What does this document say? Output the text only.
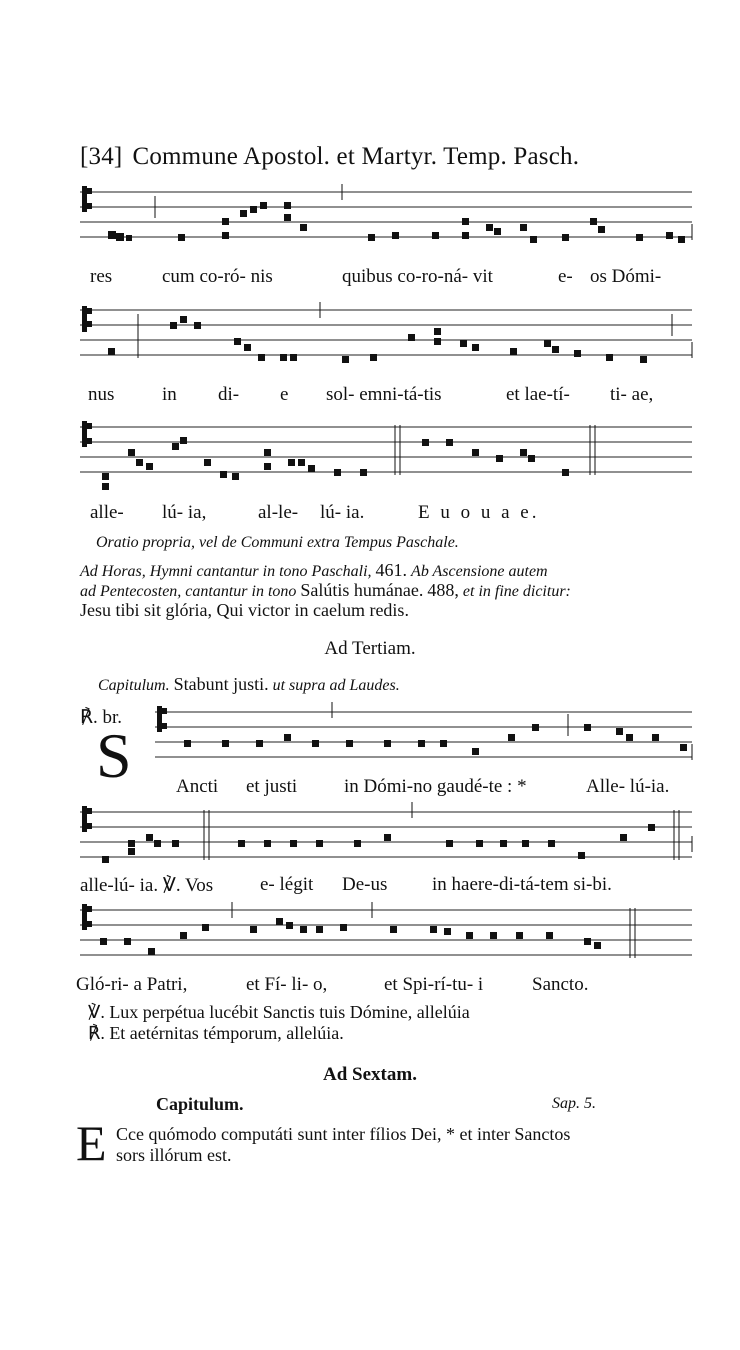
[34] Commune Apostol. et Martyr. Temp. Pasch.
res	cum co-ró- nis	quibus co-ro-ná- vit	e- os Dómi-
nus	in di- e sol- emni-tá-tis	et lae-tí- ti- ae,
alle- lú- ia,	al-le- lú- ia.	E u o u a e.
Oratio propria, vel de Communi extra Tempus Paschale.
Ad Horas, Hymni cantantur in tono Paschali, 461. Ab Ascensione autem
ad Pentecosten, cantantur in tono Salútis humánae. 488, et in fine dicitur:
Jesu tibi sit glória, Qui victor in caelum redis.
Ad Tertiam.
Capitulum. Stabunt justi. ut supra ad Laudes.
℟. br.
S Ancti et justi in Dómi-no gaudé-te : *	Alle- lú-ia.
alle-lú- ia. ℣. Vos e- légit De-us in haere-di-tá-tem si-bi.
Gló-ri- a Patri,	et Fí- li- o,	et Spi-rí-tu- i	Sancto.
℣. Lux perpétua lucébit Sanctis tuis Dómine, allelúia
℟. Et aetérnitas témporum, allelúia.
Ad Sextam.
Capitulum.	Sap. 5.
E Cce quómodo computáti sunt inter fílios Dei, * et inter Sanctos
sors illórum est.
